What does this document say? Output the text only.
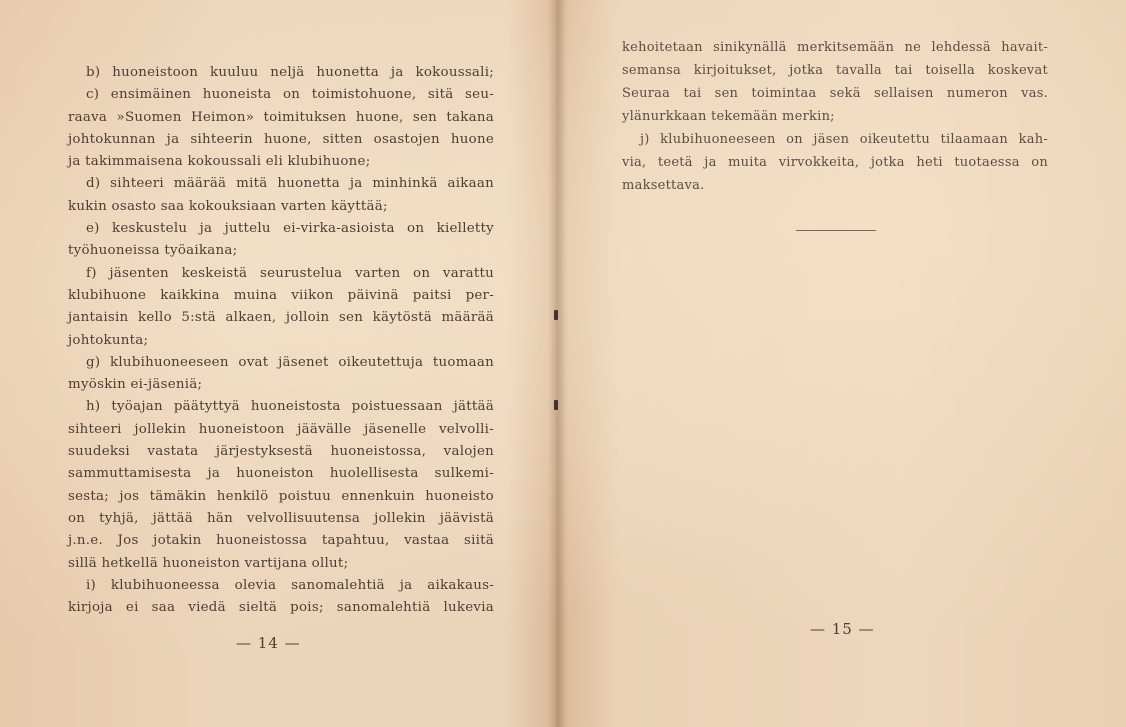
b) huoneistoon kuuluu neljä huonetta ja kokoussali;
c) ensimäinen huoneista on toimistohuone, sitä seu-
raava »Suomen Heimon» toimituksen huone, sen takana
johtokunnan ja sihteerin huone, sitten osastojen huone
ja takimmaisena kokoussali eli klubihuone;
d) sihteeri määrää mitä huonetta ja minhinkä aikaan
kukin osasto saa kokouksiaan varten käyttää;
e) keskustelu ja juttelu ei-virka-asioista on kielletty
työhuoneissa työaikana;
f) jäsenten keskeistä seurustelua varten on varattu
klubihuone kaikkina muina viikon päivinä paitsi per-
jantaisin kello 5:stä alkaen, jolloin sen käytöstä määrää
johtokunta;
g) klubihuoneeseen ovat jäsenet oikeutettuja tuomaan
myöskin ei-jäseniä;
h) työajan päätyttyä huoneistosta poistuessaan jättää
sihteeri jollekin huoneistoon jäävälle jäsenelle velvolli-
suudeksi vastata järjestyksestä huoneistossa, valojen
sammuttamisesta ja huoneiston huolellisesta sulkemi-
sesta; jos tämäkin henkilö poistuu ennenkuin huoneisto
on tyhjä, jättää hän velvollisuutensa jollekin jäävistä
j.n.e. Jos jotakin huoneistossa tapahtuu, vastaa siitä
sillä hetkellä huoneiston vartijana ollut;
i) klubihuoneessa olevia sanomalehtiä ja aikakaus-
kirjoja ei saa viedä sieltä pois; sanomalehtiä lukevia
— 14 —
kehoitetaan sinikynällä merkitsemään ne lehdessä havait-
semansa kirjoitukset, jotka tavalla tai toisella koskevat
Seuraa tai sen toimintaa sekä sellaisen numeron vas.
ylänurkkaan tekemään merkin;
j) klubihuoneeseen on jäsen oikeutettu tilaamaan kah-
via, teetä ja muita virvokkeita, jotka heti tuotaessa on
maksettava.
— 15 —
